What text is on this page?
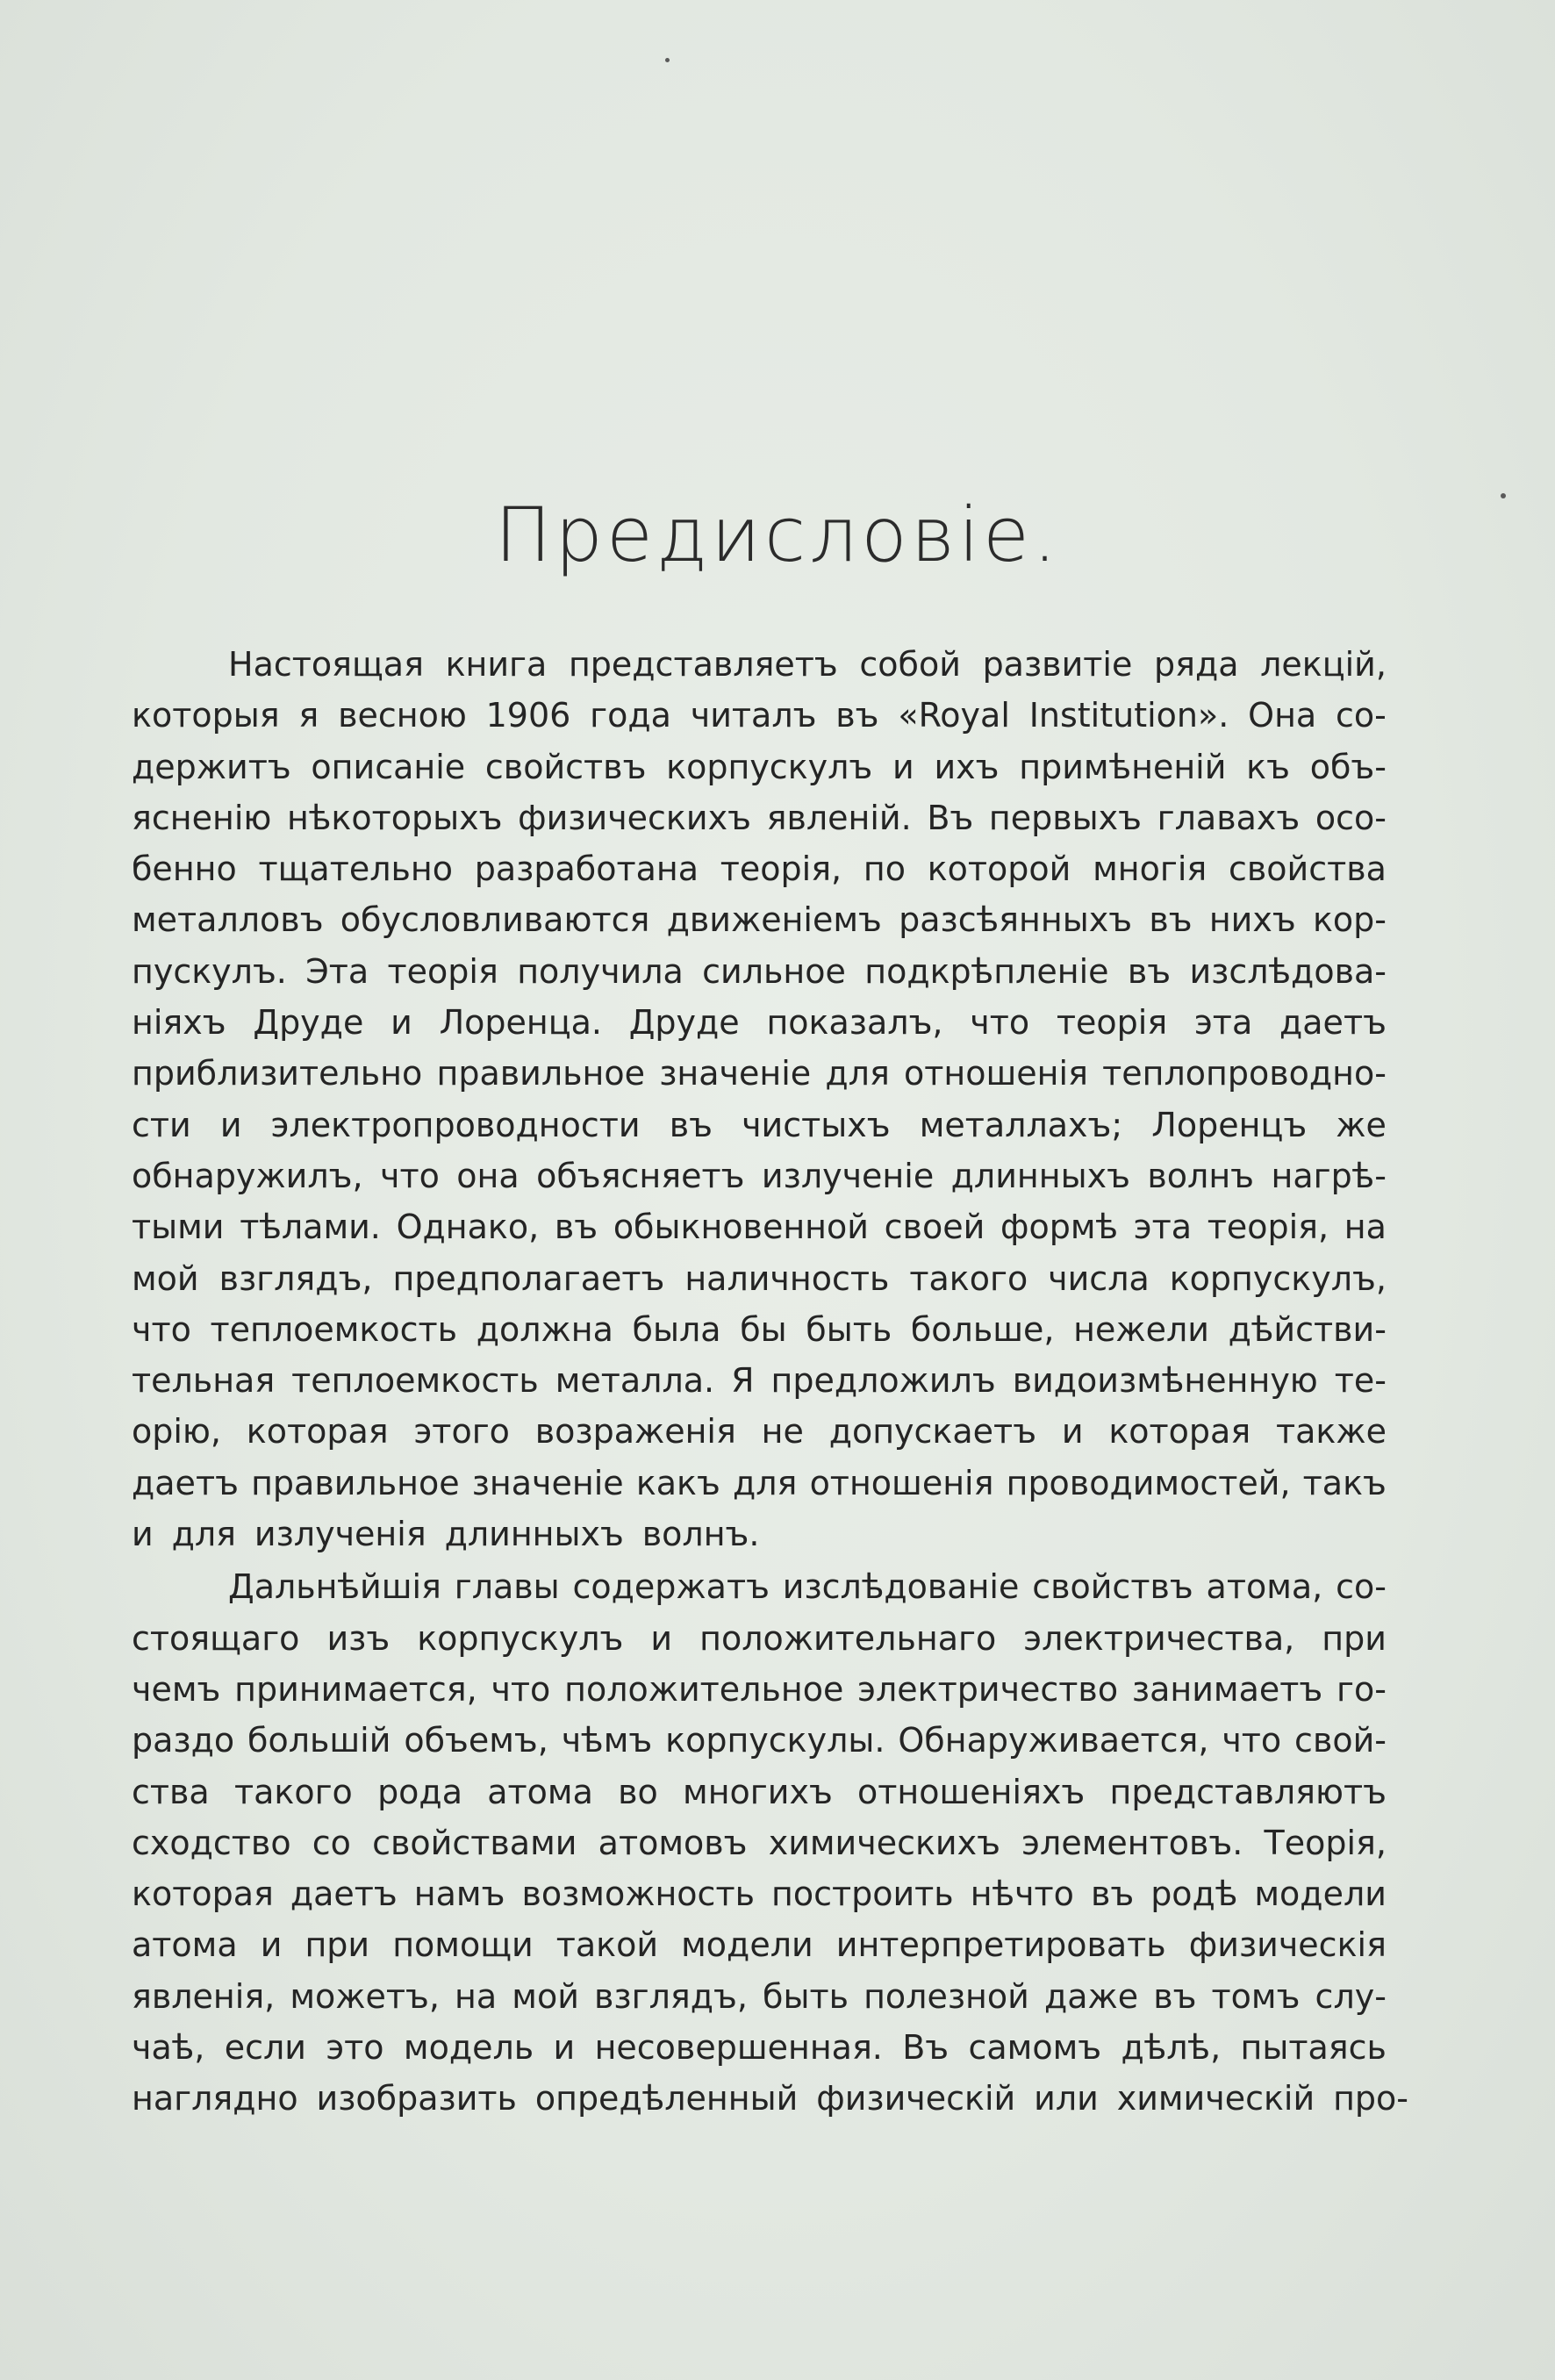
Предисловіе.
Настоящая книга представляетъ собой развитіе ряда лекцій,
которыя я весною 1906 года читалъ въ «Royal Institution». Она со-
держитъ описаніе свойствъ корпускулъ и ихъ примѣненій къ объ-
ясненію нѣкоторыхъ физическихъ явленій. Въ первыхъ главахъ осо-
бенно тщательно разработана теорія, по которой многія свойства
металловъ обусловливаются движеніемъ разсѣянныхъ въ нихъ кор-
пускулъ. Эта теорія получила сильное подкрѣпленіе въ изслѣдова-
ніяхъ Друде и Лоренца. Друде показалъ, что теорія эта даетъ
приблизительно правильное значеніе для отношенія теплопроводно-
сти и электропроводности въ чистыхъ металлахъ; Лоренцъ же
обнаружилъ, что она объясняетъ излученіе длинныхъ волнъ нагрѣ-
тыми тѣлами. Однако, въ обыкновенной своей формѣ эта теорія, на
мой взглядъ, предполагаетъ наличность такого числа корпускулъ,
что теплоемкость должна была бы быть больше, нежели дѣйстви-
тельная теплоемкость металла. Я предложилъ видоизмѣненную те-
орію, которая этого возраженія не допускаетъ и которая также
даетъ правильное значеніе какъ для отношенія проводимостей, такъ
и для излученія длинныхъ волнъ.
Дальнѣйшія главы содержатъ изслѣдованіе свойствъ атома, со-
стоящаго изъ корпускулъ и положительнаго электричества, при
чемъ принимается, что положительное электричество занимаетъ го-
раздо большій объемъ, чѣмъ корпускулы. Обнаруживается, что свой-
ства такого рода атома во многихъ отношеніяхъ представляютъ
сходство со свойствами атомовъ химическихъ элементовъ. Теорія,
которая даетъ намъ возможность построить нѣчто въ родѣ модели
атома и при помощи такой модели интерпретировать физическія
явленія, можетъ, на мой взглядъ, быть полезной даже въ томъ слу-
чаѣ, если это модель и несовершенная. Въ самомъ дѣлѣ, пытаясь
наглядно изобразить опредѣленный физическій или химическій про-
